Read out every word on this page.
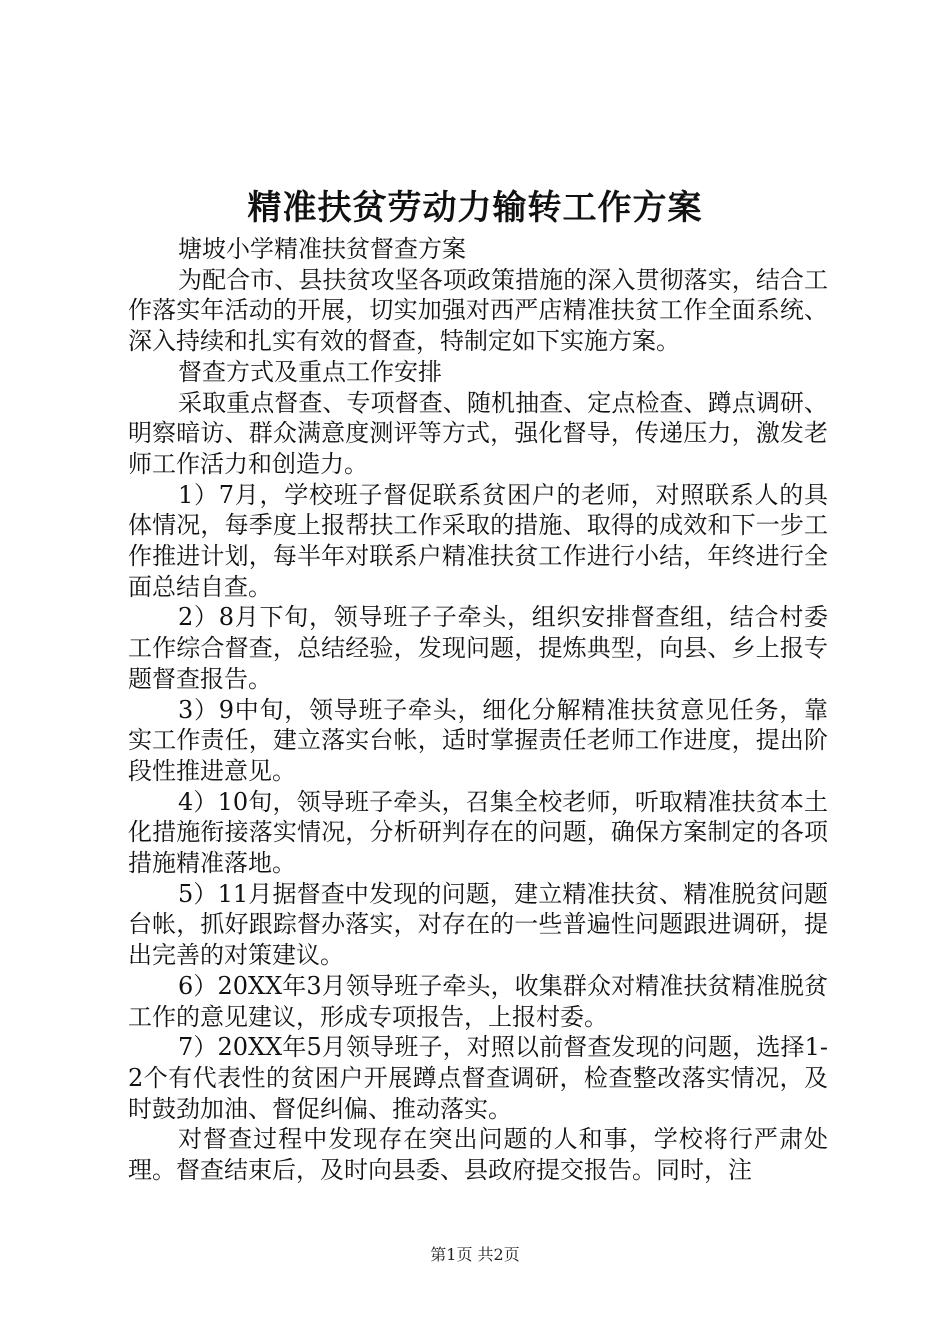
精准扶贫劳动力输转工作方案

塘坡小学精准扶贫督查方案

为配合市、县扶贫攻坚各项政策措施的深入贯彻落实，结合工作落实年活动的开展，切实加强对西严店精准扶贫工作全面系统、深入持续和扎实有效的督查，特制定如下实施方案。

督查方式及重点工作安排

采取重点督查、专项督查、随机抽查、定点检查、蹲点调研、明察暗访、群众满意度测评等方式，强化督导，传递压力，激发老师工作活力和创造力。

1）7月，学校班子督促联系贫困户的老师，对照联系人的具体情况，每季度上报帮扶工作采取的措施、取得的成效和下一步工作推进计划，每半年对联系户精准扶贫工作进行小结，年终进行全面总结自查。

2）8月下旬，领导班子子牵头，组织安排督查组，结合村委工作综合督查，总结经验，发现问题，提炼典型，向县、乡上报专题督查报告。

3）9中旬，领导班子牵头，细化分解精准扶贫意见任务，靠实工作责任，建立落实台帐，适时掌握责任老师工作进度，提出阶段性推进意见。

4）10旬，领导班子牵头，召集全校老师，听取精准扶贫本土化措施衔接落实情况，分析研判存在的问题，确保方案制定的各项措施精准落地。

5）11月据督查中发现的问题，建立精准扶贫、精准脱贫问题台帐，抓好跟踪督办落实，对存在的一些普遍性问题跟进调研，提出完善的对策建议。

6）20XX年3月领导班子牵头，收集群众对精准扶贫精准脱贫工作的意见建议，形成专项报告，上报村委。

7）20XX年5月领导班子，对照以前督查发现的问题，选择1-2个有代表性的贫困户开展蹲点督查调研，检查整改落实情况，及时鼓劲加油、督促纠偏、推动落实。

对督查过程中发现存在突出问题的人和事，学校将行严肃处理。督查结束后，及时向县委、县政府提交报告。同时，注

第1页 共2页
